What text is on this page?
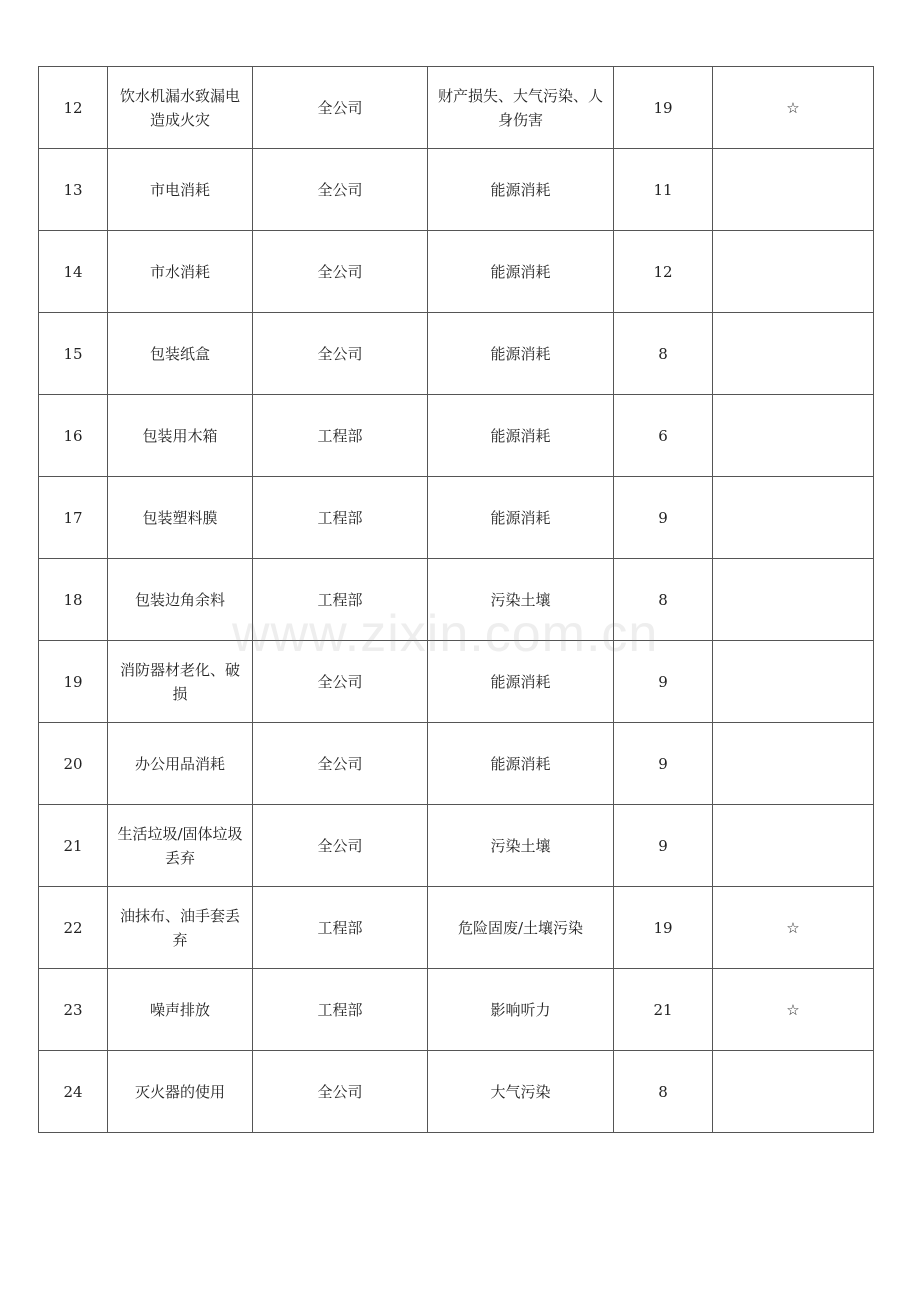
12	饮水机漏水致漏电造成火灾	全公司	财产损失、大气污染、人身伤害	19	☆
13	市电消耗	全公司	能源消耗	11	
14	市水消耗	全公司	能源消耗	12	
15	包装纸盒	全公司	能源消耗	8	
16	包装用木箱	工程部	能源消耗	6	
17	包装塑料膜	工程部	能源消耗	9	
18	包装边角余料	工程部	污染土壤	8	
19	消防器材老化、破损	全公司	能源消耗	9	
20	办公用品消耗	全公司	能源消耗	9	
21	生活垃圾/固体垃圾丢弃	全公司	污染土壤	9	
22	油抹布、油手套丢弃	工程部	危险固废/土壤污染	19	☆
23	噪声排放	工程部	影响听力	21	☆
24	灭火器的使用	全公司	大气污染	8	
www.zixin.com.cn
